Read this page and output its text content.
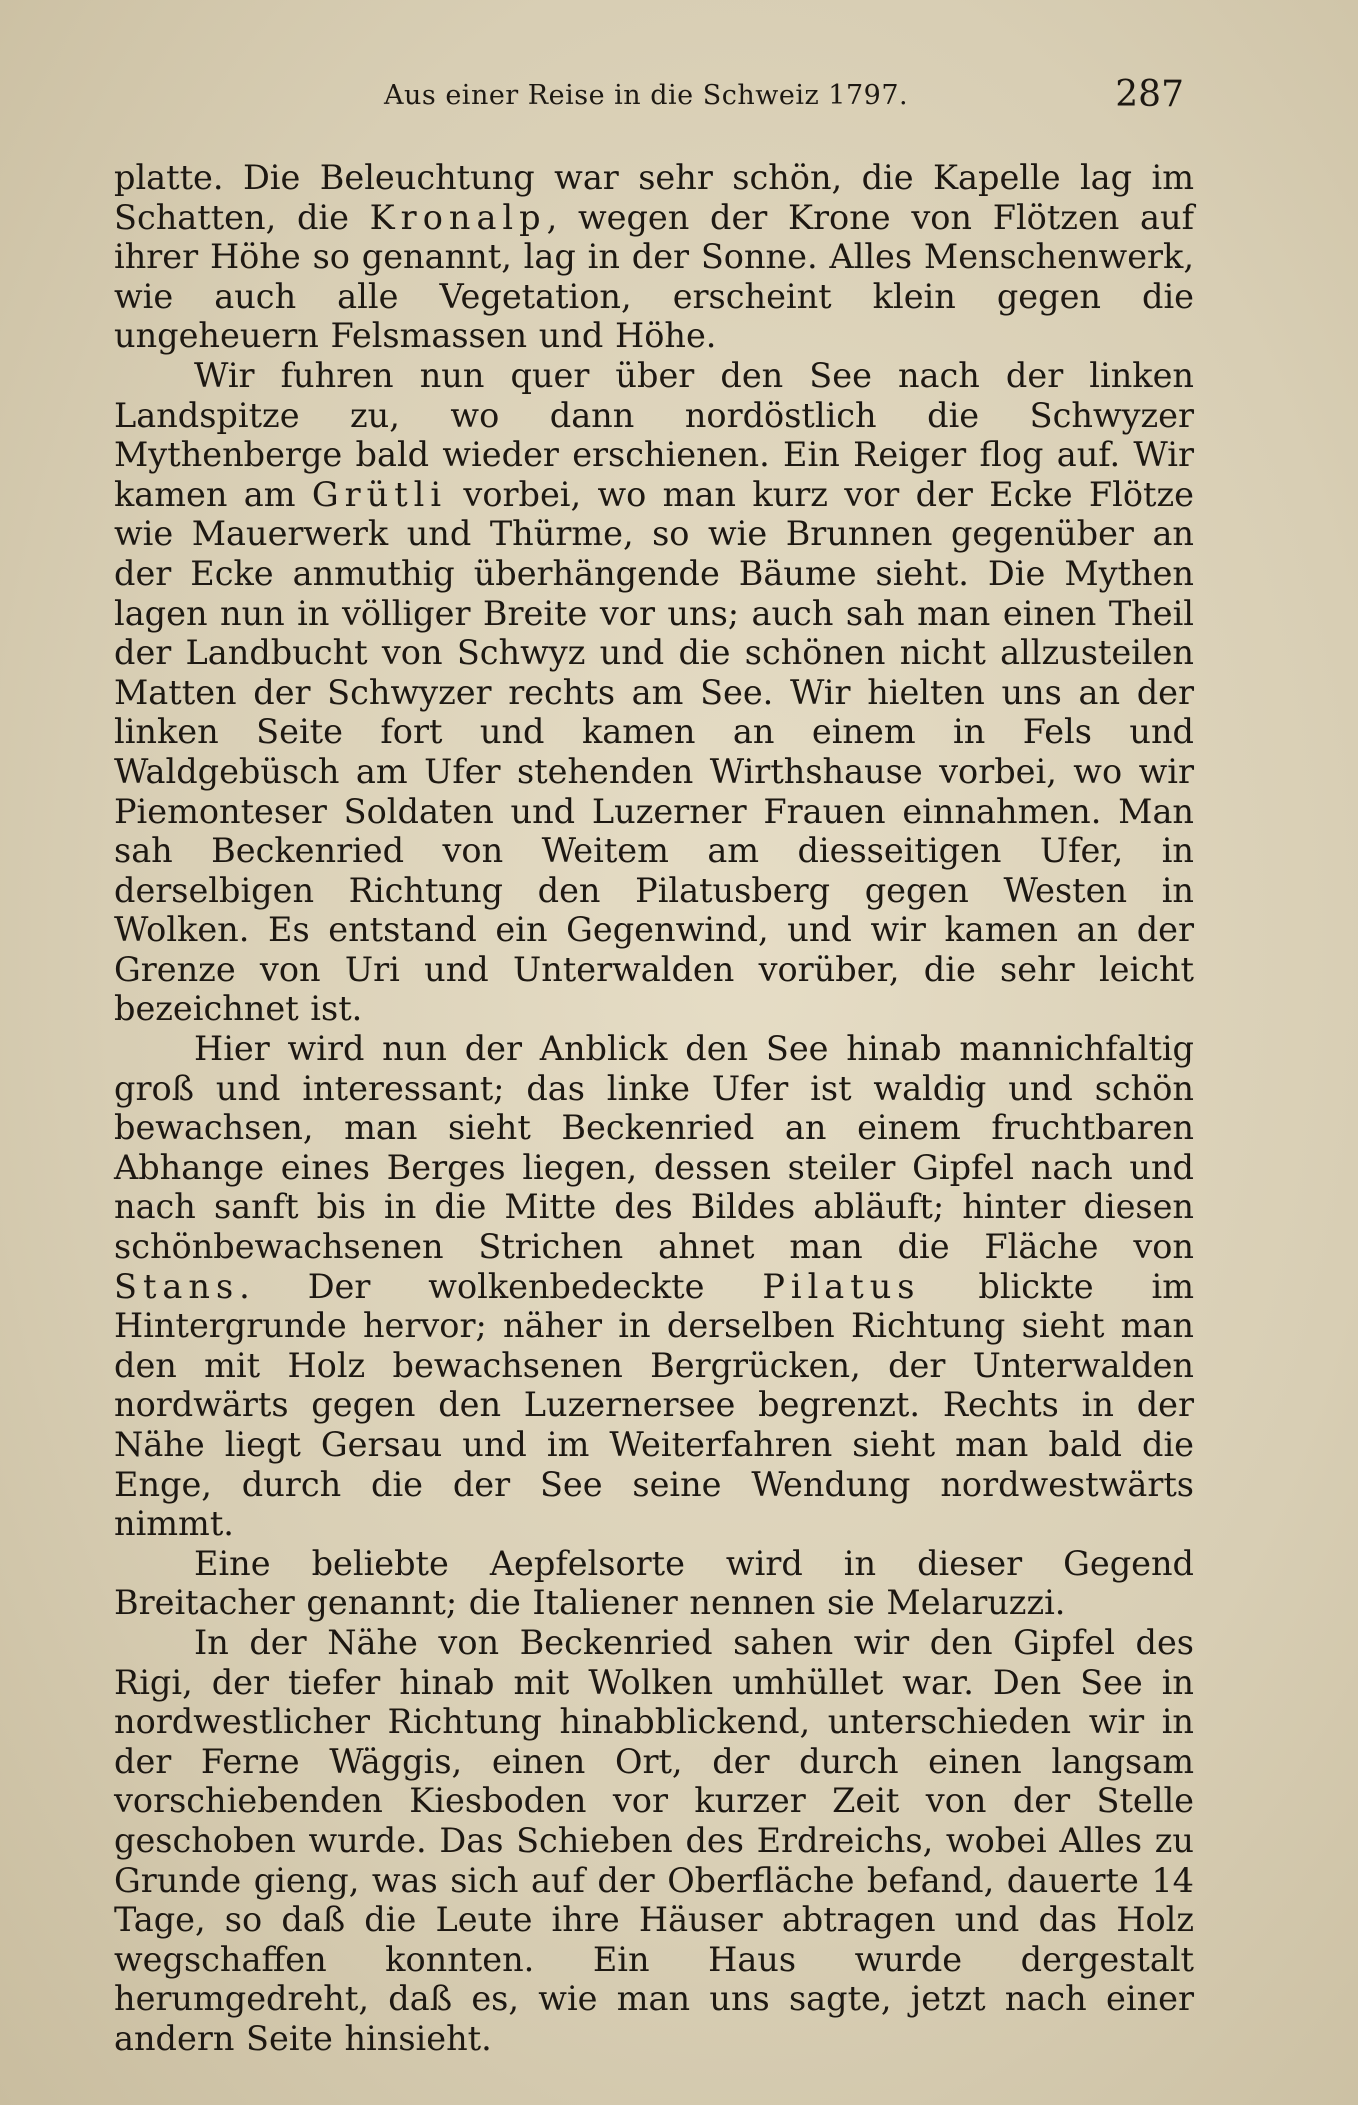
Aus einer Reise in die Schweiz 1797.	287

platte. Die Beleuchtung war sehr schön, die Kapelle lag im Schatten, die Kronalp, wegen der Krone von Flötzen auf ihrer Höhe so genannt, lag in der Sonne. Alles Menschenwerk, wie auch alle Vegetation, erscheint klein gegen die ungeheuern Felsmassen und Höhe.

Wir fuhren nun quer über den See nach der linken Landspitze zu, wo dann nordöstlich die Schwyzer Mythenberge bald wieder erschienen. Ein Reiger flog auf. Wir kamen am Grütli vorbei, wo man kurz vor der Ecke Flötze wie Mauerwerk und Thürme, so wie Brunnen gegenüber an der Ecke anmuthig überhängende Bäume sieht. Die Mythen lagen nun in völliger Breite vor uns; auch sah man einen Theil der Landbucht von Schwyz und die schönen nicht allzusteilen Matten der Schwyzer rechts am See. Wir hielten uns an der linken Seite fort und kamen an einem in Fels und Waldgebüsch am Ufer stehenden Wirthshause vorbei, wo wir Piemonteser Soldaten und Luzerner Frauen einnahmen. Man sah Beckenried von Weitem am diesseitigen Ufer, in derselbigen Richtung den Pilatusberg gegen Westen in Wolken. Es entstand ein Gegenwind, und wir kamen an der Grenze von Uri und Unterwalden vorüber, die sehr leicht bezeichnet ist.

Hier wird nun der Anblick den See hinab mannichfaltig groß und interessant; das linke Ufer ist waldig und schön bewachsen, man sieht Beckenried an einem fruchtbaren Abhange eines Berges liegen, dessen steiler Gipfel nach und nach sanft bis in die Mitte des Bildes abläuft; hinter diesen schönbewachsenen Strichen ahnet man die Fläche von Stans. Der wolkenbedeckte Pilatus blickte im Hintergrunde hervor; näher in derselben Richtung sieht man den mit Holz bewachsenen Bergrücken, der Unterwalden nordwärts gegen den Luzernersee begrenzt. Rechts in der Nähe liegt Gersau und im Weiterfahren sieht man bald die Enge, durch die der See seine Wendung nordwestwärts nimmt.

Eine beliebte Aepfelsorte wird in dieser Gegend Breitacher genannt; die Italiener nennen sie Melaruzzi.

In der Nähe von Beckenried sahen wir den Gipfel des Rigi, der tiefer hinab mit Wolken umhüllet war. Den See in nordwestlicher Richtung hinabblickend, unterschieden wir in der Ferne Wäggis, einen Ort, der durch einen langsam vorschiebenden Kiesboden vor kurzer Zeit von der Stelle geschoben wurde. Das Schieben des Erdreichs, wobei Alles zu Grunde gieng, was sich auf der Oberfläche befand, dauerte 14 Tage, so daß die Leute ihre Häuser abtragen und das Holz wegschaffen konnten. Ein Haus wurde dergestalt herumgedreht, daß es, wie man uns sagte, jetzt nach einer andern Seite hinsieht.
